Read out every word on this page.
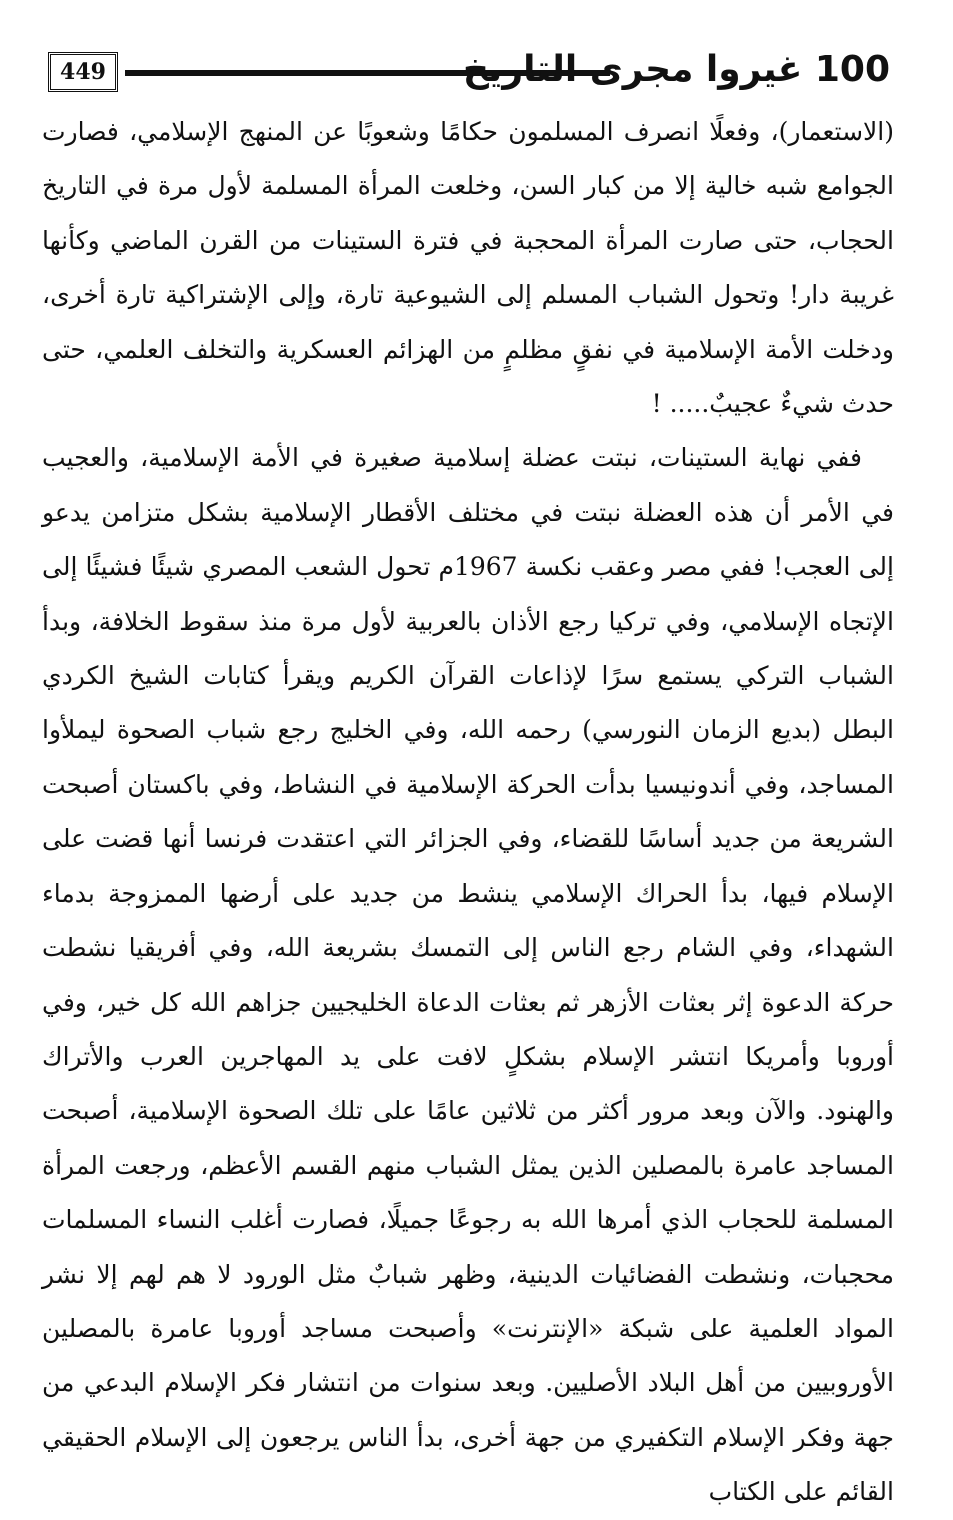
449	100 غيروا مجرى التاريخ

(الاستعمار)، وفعلًا انصرف المسلمون حكامًا وشعوبًا عن المنهج الإسلامي، فصارت الجوامع شبه خالية إلا من كبار السن، وخلعت المرأة المسلمة لأول مرة في التاريخ الحجاب، حتى صارت المرأة المحجبة في فترة الستينات من القرن الماضي وكأنها غريبة دار! وتحول الشباب المسلم إلى الشيوعية تارة، وإلى الإشتراكية تارة أخرى، ودخلت الأمة الإسلامية في نفقٍ مظلمٍ من الهزائم العسكرية والتخلف العلمي، حتى حدث شيءٌ عجيبٌ..... !

ففي نهاية الستينات، نبتت عضلة إسلامية صغيرة في الأمة الإسلامية، والعجيب في الأمر أن هذه العضلة نبتت في مختلف الأقطار الإسلامية بشكل متزامن يدعو إلى العجب! ففي مصر وعقب نكسة 1967م تحول الشعب المصري شيئًا فشيئًا إلى الإتجاه الإسلامي، وفي تركيا رجع الأذان بالعربية لأول مرة منذ سقوط الخلافة، وبدأ الشباب التركي يستمع سرًا لإذاعات القرآن الكريم ويقرأ كتابات الشيخ الكردي البطل (بديع الزمان النورسي) رحمه الله، وفي الخليج رجع شباب الصحوة ليملأوا المساجد، وفي أندونيسيا بدأت الحركة الإسلامية في النشاط، وفي باكستان أصبحت الشريعة من جديد أساسًا للقضاء، وفي الجزائر التي اعتقدت فرنسا أنها قضت على الإسلام فيها، بدأ الحراك الإسلامي ينشط من جديد على أرضها الممزوجة بدماء الشهداء، وفي الشام رجع الناس إلى التمسك بشريعة الله، وفي أفريقيا نشطت حركة الدعوة إثر بعثات الأزهر ثم بعثات الدعاة الخليجيين جزاهم الله كل خير، وفي أوروبا وأمريكا انتشر الإسلام بشكلٍ لافت على يد المهاجرين العرب والأتراك والهنود. والآن وبعد مرور أكثر من ثلاثين عامًا على تلك الصحوة الإسلامية، أصبحت المساجد عامرة بالمصلين الذين يمثل الشباب منهم القسم الأعظم، ورجعت المرأة المسلمة للحجاب الذي أمرها الله به رجوعًا جميلًا، فصارت أغلب النساء المسلمات محجبات، ونشطت الفضائيات الدينية، وظهر شبابٌ مثل الورود لا هم لهم إلا نشر المواد العلمية على شبكة «الإنترنت» وأصبحت مساجد أوروبا عامرة بالمصلين الأوروبيين من أهل البلاد الأصليين. وبعد سنوات من انتشار فكر الإسلام البدعي من جهة وفكر الإسلام التكفيري من جهة أخرى، بدأ الناس يرجعون إلى الإسلام الحقيقي القائم على الكتاب
